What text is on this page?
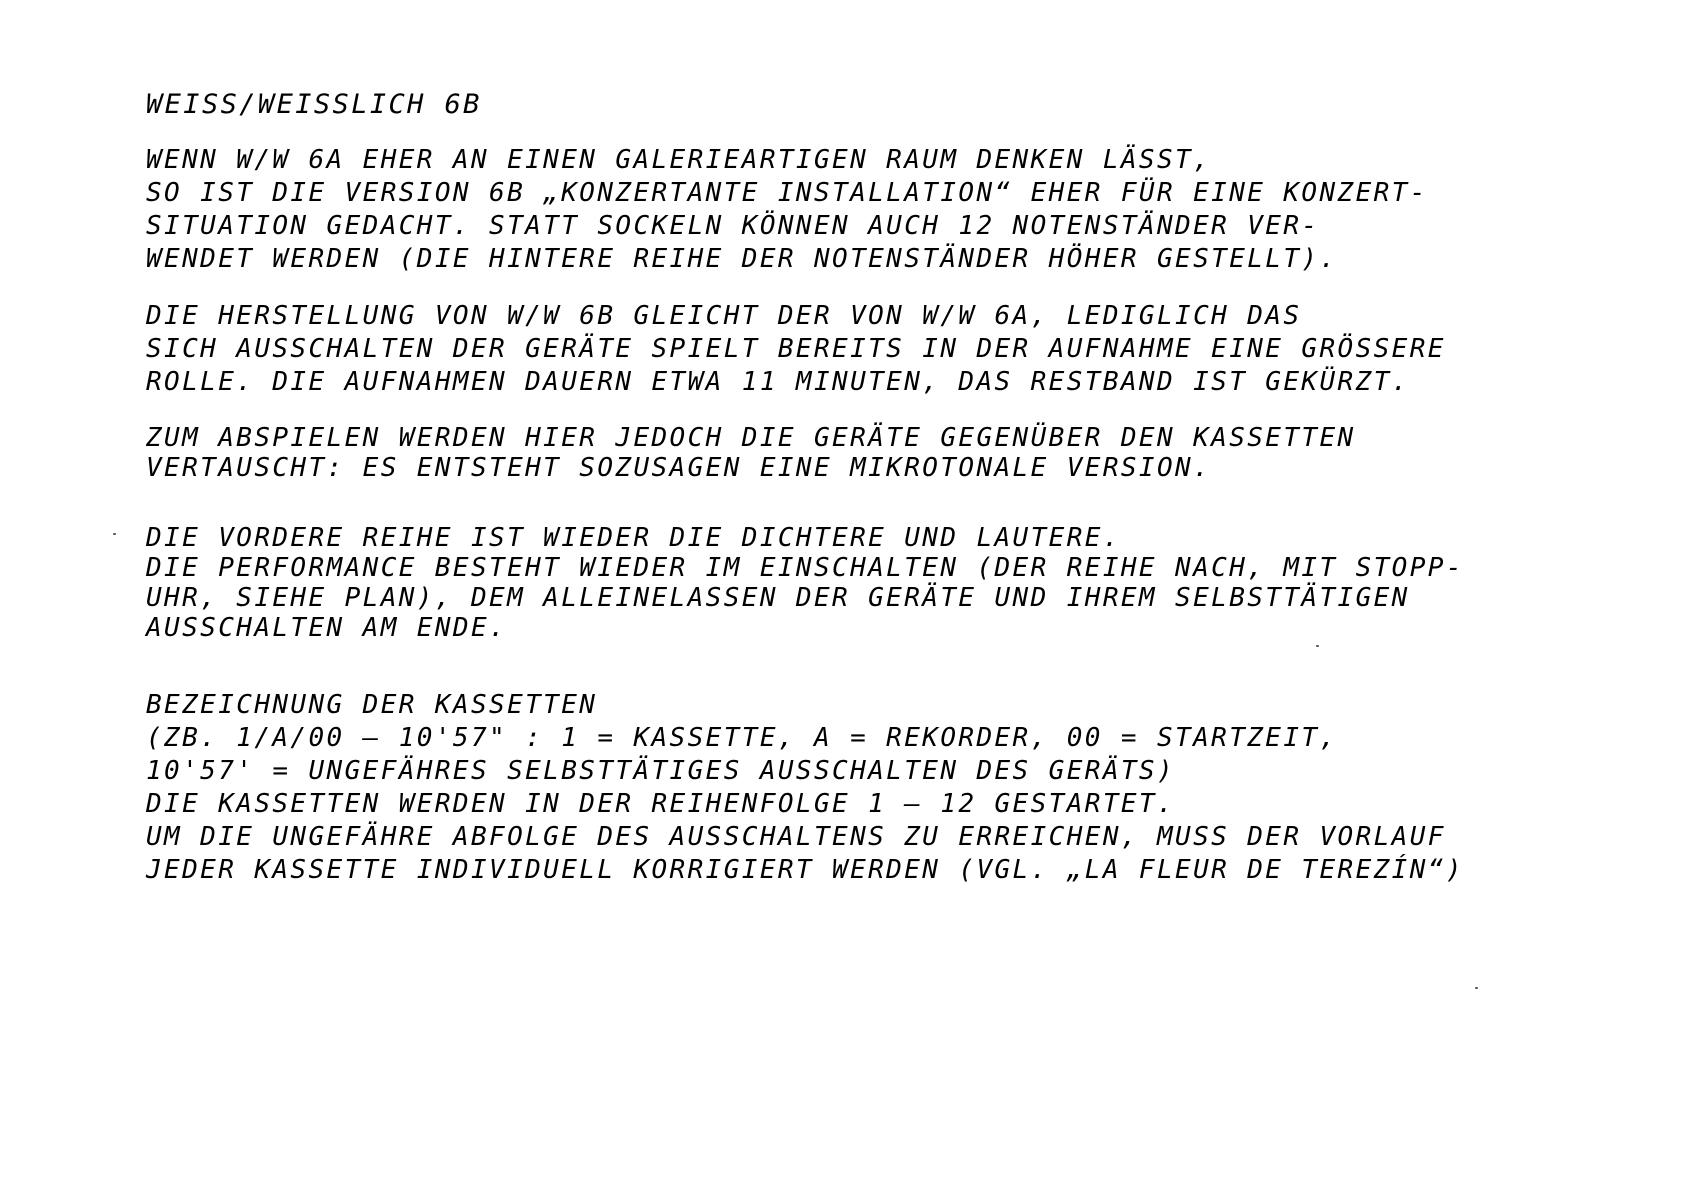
WEISS/WEISSLICH 6B
WENN W/W 6A EHER AN EINEN GALERIEARTIGEN RAUM DENKEN LÄSST,
SO IST DIE VERSION 6B „KONZERTANTE INSTALLATION“ EHER FÜR EINE KONZERT-
SITUATION GEDACHT. STATT SOCKELN KÖNNEN AUCH 12 NOTENSTÄNDER VER-
WENDET WERDEN (DIE HINTERE REIHE DER NOTENSTÄNDER HÖHER GESTELLT).
DIE HERSTELLUNG VON W/W 6B GLEICHT DER VON W/W 6A, LEDIGLICH DAS
SICH AUSSCHALTEN DER GERÄTE SPIELT BEREITS IN DER AUFNAHME EINE GRÖSSERE
ROLLE. DIE AUFNAHMEN DAUERN ETWA 11 MINUTEN, DAS RESTBAND IST GEKÜRZT.
ZUM ABSPIELEN WERDEN HIER JEDOCH DIE GERÄTE GEGENÜBER DEN KASSETTEN
VERTAUSCHT: ES ENTSTEHT SOZUSAGEN EINE MIKROTONALE VERSION.
DIE VORDERE REIHE IST WIEDER DIE DICHTERE UND LAUTERE.
DIE PERFORMANCE BESTEHT WIEDER IM EINSCHALTEN (DER REIHE NACH, MIT STOPP-
UHR, SIEHE PLAN), DEM ALLEINELASSEN DER GERÄTE UND IHREM SELBSTTÄTIGEN
AUSSCHALTEN AM ENDE.
BEZEICHNUNG DER KASSETTEN
(ZB. 1/A/00 – 10'57" : 1 = KASSETTE, A = REKORDER, 00 = STARTZEIT,
10'57' = UNGEFÄHRES SELBSTTÄTIGES AUSSCHALTEN DES GERÄTS)
DIE KASSETTEN WERDEN IN DER REIHENFOLGE 1 – 12 GESTARTET.
UM DIE UNGEFÄHRE ABFOLGE DES AUSSCHALTENS ZU ERREICHEN, MUSS DER VORLAUF
JEDER KASSETTE INDIVIDUELL KORRIGIERT WERDEN (VGL. „LA FLEUR DE TEREZÍN“)
